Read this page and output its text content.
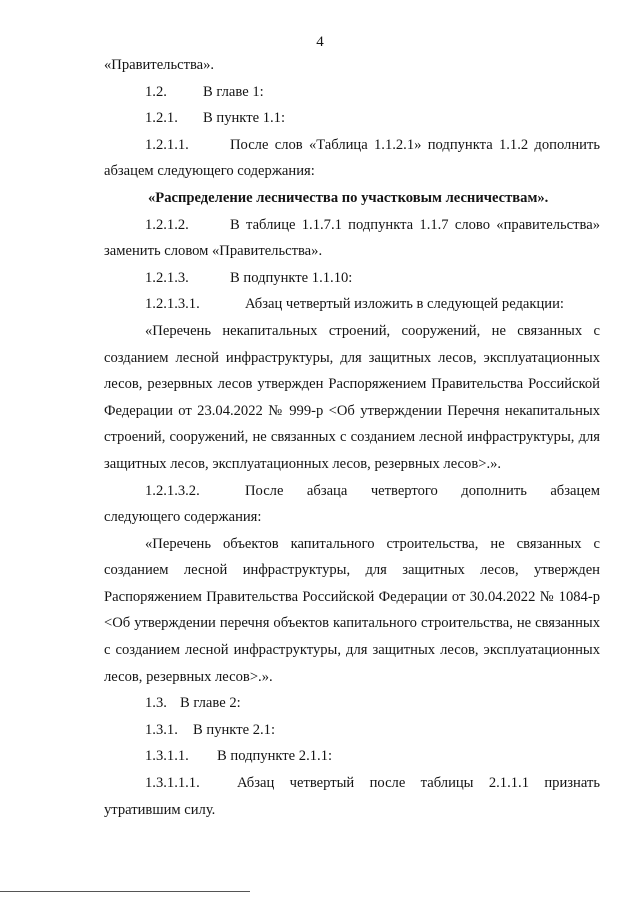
4

«Правительства».

1.2. В главе 1:

1.2.1. В пункте 1.1:

1.2.1.1.	После слов «Таблица 1.1.2.1» подпункта 1.1.2 дополнить абзацем следующего содержания:

«Распределение лесничества по участковым лесничествам».

1.2.1.2.	В таблице 1.1.7.1 подпункта 1.1.7 слово «правительства» заменить словом «Правительства».

1.2.1.3.	В подпункте 1.1.10:

1.2.1.3.1.	Абзац четвертый изложить в следующей редакции:

«Перечень некапитальных строений, сооружений, не связанных с созданием лесной инфраструктуры, для защитных лесов, эксплуатационных лесов, резервных лесов утвержден Распоряжением Правительства Российской Федерации от 23.04.2022 № 999-р <Об утверждении Перечня некапитальных строений, сооружений, не связанных с созданием лесной инфраструктуры, для защитных лесов, эксплуатационных лесов, резервных лесов>.».

1.2.1.3.2.	После абзаца четвертого дополнить абзацем следующего содержания:

«Перечень объектов капитального строительства, не связанных с созданием лесной инфраструктуры, для защитных лесов, утвержден Распоряжением Правительства Российской Федерации от 30.04.2022 № 1084-р <Об утверждении перечня объектов капитального строительства, не связанных с созданием лесной инфраструктуры, для защитных лесов, эксплуатационных лесов, резервных лесов>.».

1.3. В главе 2:

1.3.1. В пункте 2.1:

1.3.1.1. В подпункте 2.1.1:

1.3.1.1.1.	Абзац четвертый после таблицы 2.1.1.1 признать утратившим силу.
